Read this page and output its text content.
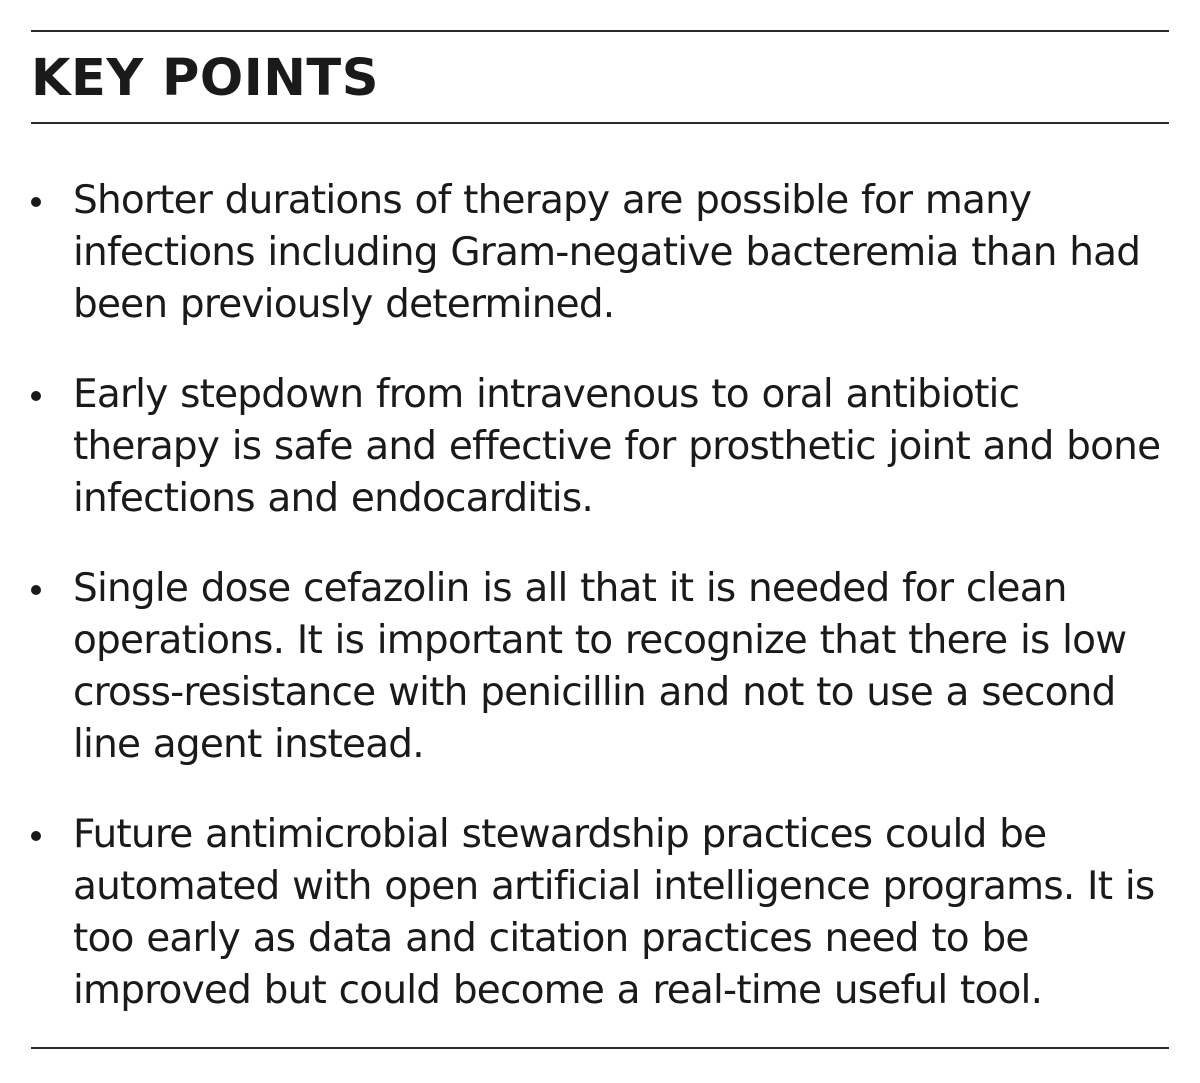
KEY POINTS
Shorter durations of therapy are possible for many infections including Gram-negative bacteremia than had been previously determined.
Early stepdown from intravenous to oral antibiotic therapy is safe and effective for prosthetic joint and bone infections and endocarditis.
Single dose cefazolin is all that it is needed for clean operations. It is important to recognize that there is low cross-resistance with penicillin and not to use a second line agent instead.
Future antimicrobial stewardship practices could be automated with open artificial intelligence programs. It is too early as data and citation practices need to be improved but could become a real-time useful tool.
